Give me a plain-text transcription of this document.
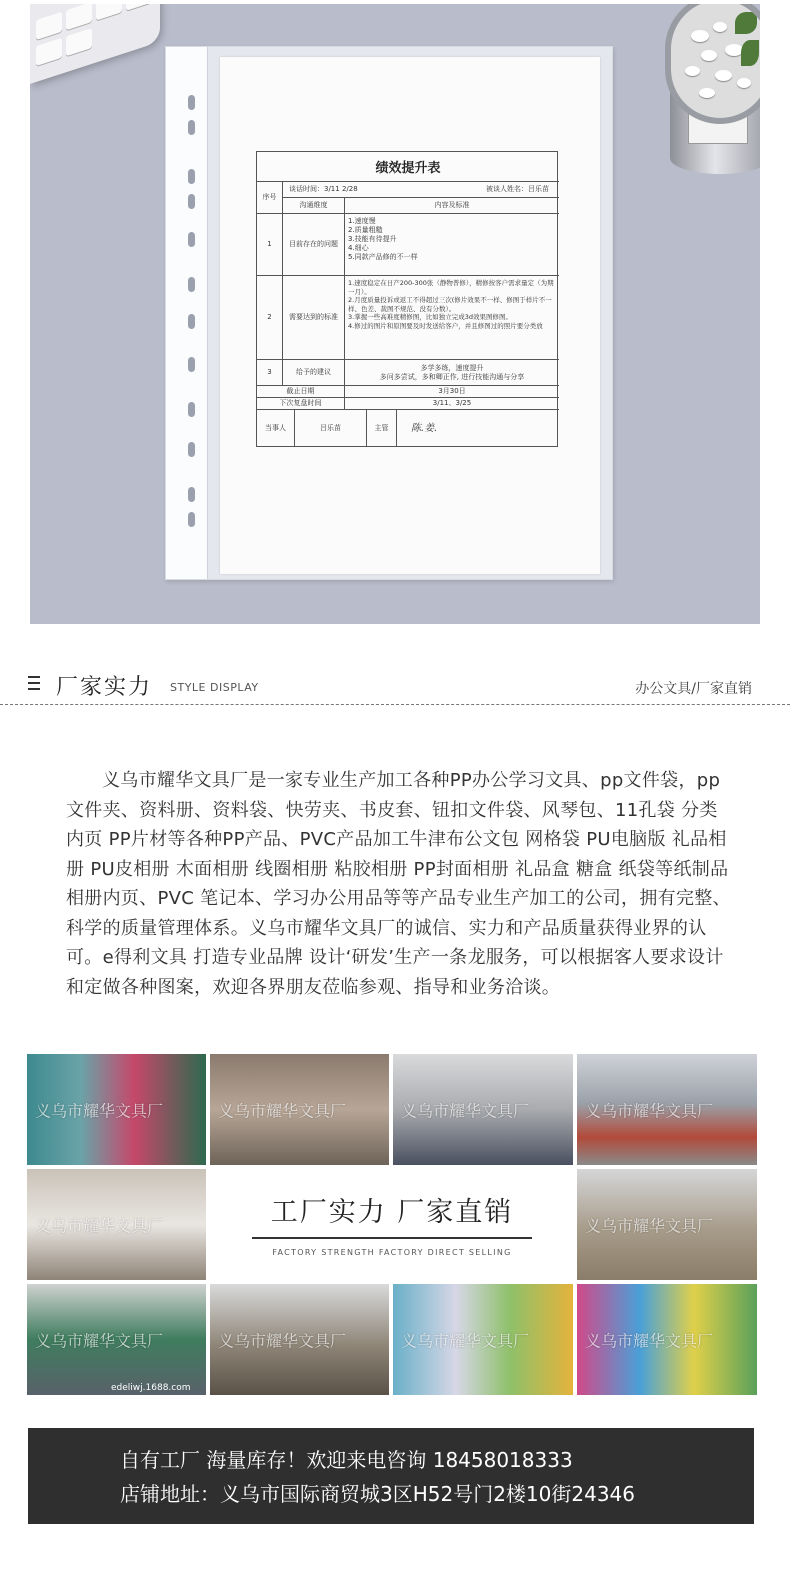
绩效提升表
序号
谈话时间：3/11 2/28	被谈人姓名：吕乐苗
沟通维度	内容及标准
1	目前存在的问题
1.速度慢
2.质量粗糙
3.技能有待提升
4.细心
5.同款产品修的不一样
2	需要达到的标准
1.速度稳定在日产200-300张（静物普修），精修按客户需求量定（为期一月）。
2.月度质量投诉或返工不得超过三次(修片效果不一样、修图于样片不一样、色差、裁图不规范、没有分数）。
3.掌握一些高难度精修图，比如独立完成3d效果图修图。
4.修过的图片和原图要及时发送给客户，并且修图过的照片要分类放
3	给予的建议
多学多练，速度提升
多问多尝试，多和卿正作, 进行技能沟通与分享
截止日期	3月30日
下次复盘时间	3/11、3/25
当事人	吕乐苗	主管	陈.姜.
厂家实力 STYLE DISPLAY	办公文具/厂家直销

义乌市耀华文具厂是一家专业生产加工各种PP办公学习文具、pp文件袋，pp文件夹、资料册、资料袋、快劳夹、书皮套、钮扣文件袋、风琴包、11孔袋 分类内页 PP片材等各种PP产品、PVC产品加工牛津布公文包 网格袋 PU电脑版 礼品相册 PU皮相册 木面相册 线圈相册 粘胶相册 PP封面相册 礼品盒 糖盒 纸袋等纸制品 相册内页、PVC 笔记本、学习办公用品等等产品专业生产加工的公司，拥有完整、科学的质量管理体系。义乌市耀华文具厂的诚信、实力和产品质量获得业界的认可。e得利文具 打造专业品牌 设计‘研发’生产一条龙服务，可以根据客人要求设计和定做各种图案，欢迎各界朋友莅临参观、指导和业务洽谈。

义乌市耀华文具厂	义乌市耀华文具厂	义乌市耀华文具厂	义乌市耀华文具厂
义乌市耀华文具厂	工厂实力 厂家直销
FACTORY STRENGTH FACTORY DIRECT SELLING
义乌市耀华文具厂
义乌市耀华文具厂
edeliwj.1688.com
义乌市耀华文具厂	义乌市耀华文具厂	义乌市耀华文具厂
自有工厂 海量库存！欢迎来电咨询 18458018333
店铺地址：义乌市国际商贸城3区H52号门2楼10街24346
